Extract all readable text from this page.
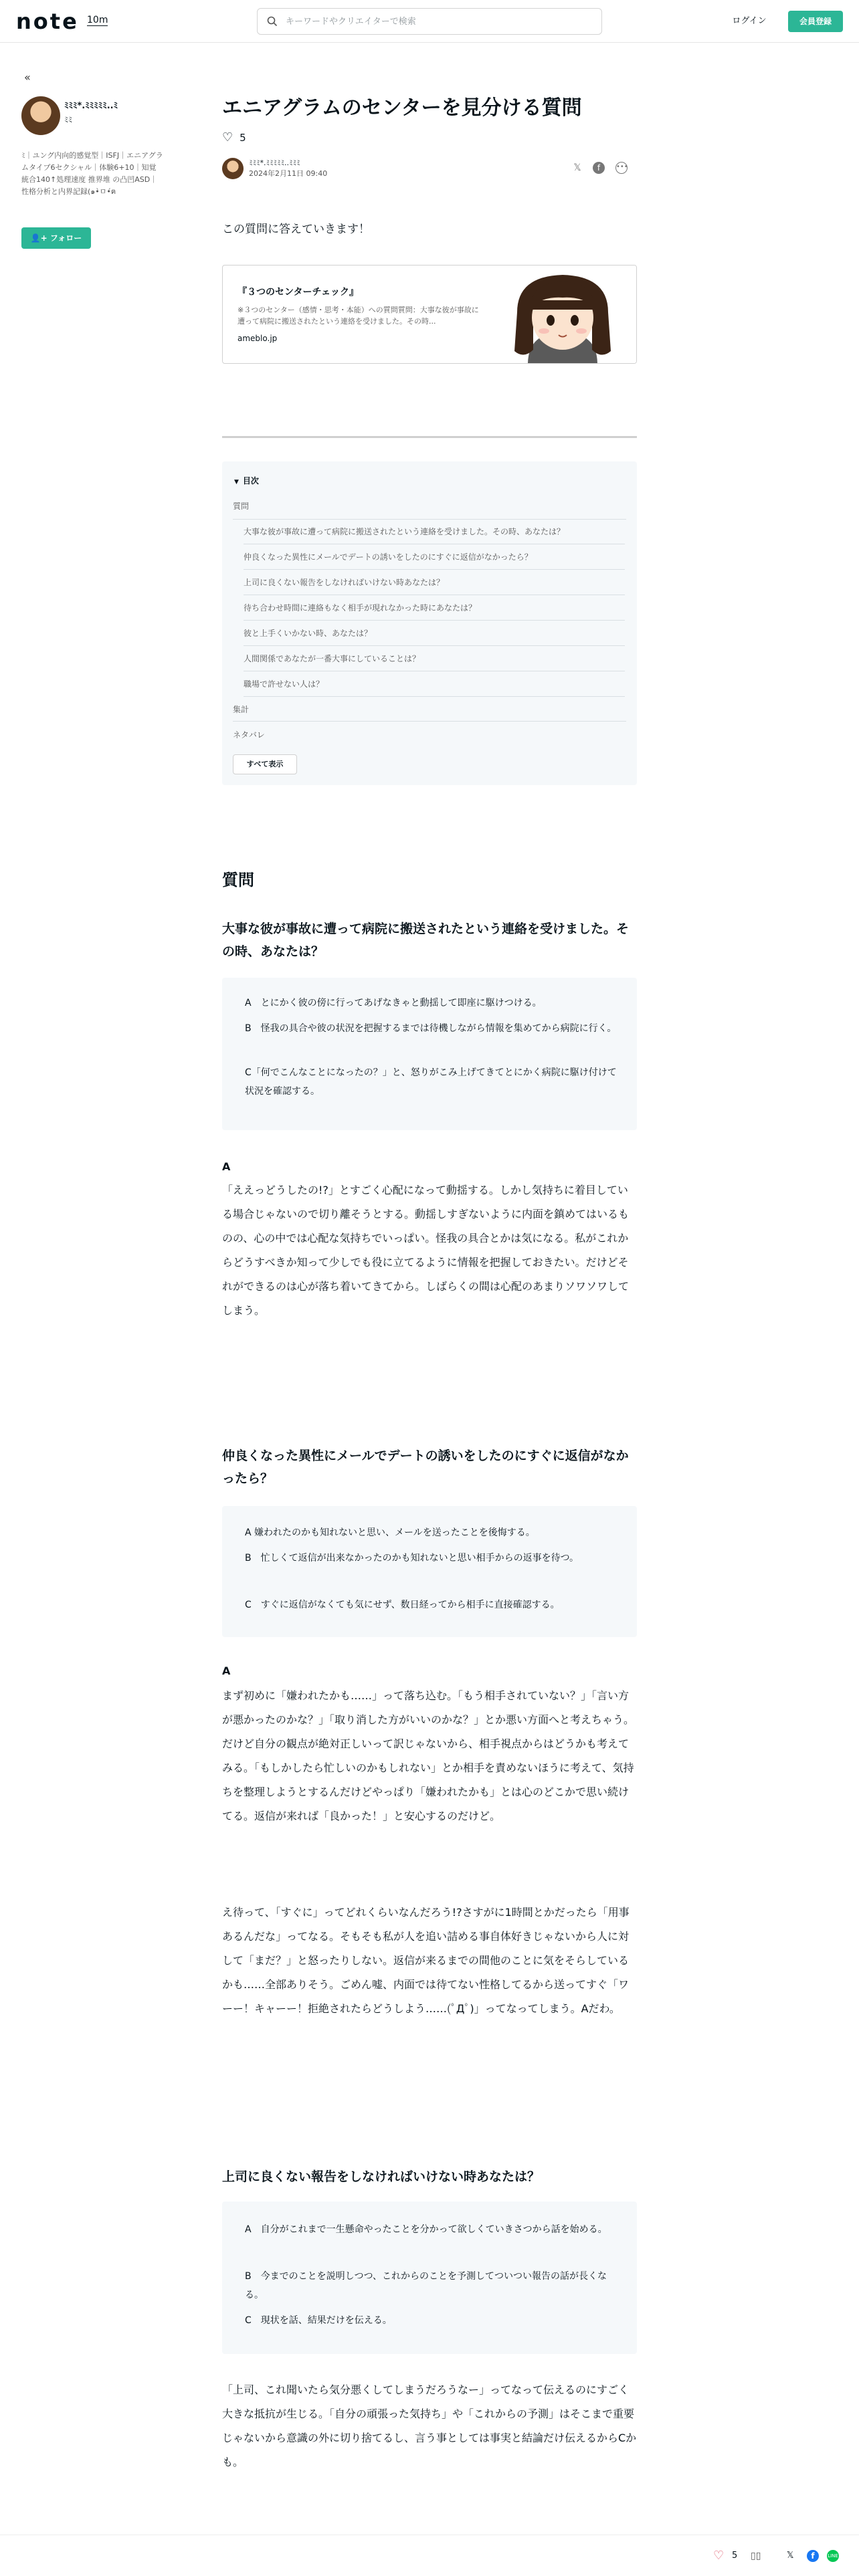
note 10m
キーワードやクリエイターで検索	ログイン	会員登録
«
ﾐﾐﾐ*.ﾐﾐﾐﾐﾐ..ﾐ
ﾐﾐ
ﾐ｜ユング内向的感覚型｜ISFJ｜エニアグラムタイプ6セクシャル｜体験6+10｜知覚統合140↑処理速度 推界堆 の凸凹ASD｜性格分析と内界記録(๑•̀ㅁ•́ฅ
👤+ フォロー
エニアグラムのセンターを見分ける質問
♡ 5
ﾐﾐﾐ*.ﾐﾐﾐﾐﾐ..ﾐﾐﾐ
2024年2月11日 09:40
𝕏	f	•••

この質問に答えていきます！

『３つのセンターチェック』
※３つのセンター（感情・思考・本能）への質問質問：大事な彼が事故に遭って病院に搬送されたという連絡を受けました。その時...
ameblo.jp
▼ 目次
質問
大事な彼が事故に遭って病院に搬送されたという連絡を受けました。その時、あなたは？
仲良くなった異性にメールでデートの誘いをしたのにすぐに返信がなかったら？
上司に良くない報告をしなければいけない時あなたは？
待ち合わせ時間に連絡もなく相手が現れなかった時にあなたは？
彼と上手くいかない時、あなたは？
人間関係であなたが一番大事にしていることは？
職場で許せない人は？
集計
ネタバレ
すべて表示
質問
大事な彼が事故に遭って病院に搬送されたという連絡を受けました。その時、あなたは？
A　とにかく彼の傍に行ってあげなきゃと動揺して即座に駆けつける。
B　怪我の具合や彼の状況を把握するまでは待機しながら情報を集めてから病院に行く。
C「何でこんなことになったの？」と、怒りがこみ上げてきてとにかく病院に駆け付けて状況を確認する。
A
「ええっどうしたの!?」とすごく心配になって動揺する。しかし気持ちに着目している場合じゃないので切り離そうとする。動揺しすぎないように内面を鎮めてはいるものの、心の中では心配な気持ちでいっぱい。怪我の具合とかは気になる。私がこれからどうすべきか知って少しでも役に立てるように情報を把握しておきたい。だけどそれができるのは心が落ち着いてきてから。しばらくの間は心配のあまりソワソワしてしまう。
仲良くなった異性にメールでデートの誘いをしたのにすぐに返信がなかったら？
A 嫌われたのかも知れないと思い、メールを送ったことを後悔する。
B　忙しくて返信が出来なかったのかも知れないと思い相手からの返事を待つ。
C　すぐに返信がなくても気にせず、数日経ってから相手に直接確認する。
A
まず初めに「嫌われたかも……」って落ち込む。「もう相手されていない？」「言い方が悪かったのかな？」「取り消した方がいいのかな？」とか悪い方面へと考えちゃう。だけど自分の観点が絶対正しいって訳じゃないから、相手視点からはどうかも考えてみる。「もしかしたら忙しいのかもしれない」とか相手を責めないほうに考えて、気持ちを整理しようとするんだけどやっぱり「嫌われたかも」とは心のどこかで思い続けてる。返信が来れば「良かった！」と安心するのだけど。
え待って、「すぐに」ってどれくらいなんだろう!?さすがに1時間とかだったら「用事あるんだな」ってなる。そもそも私が人を追い詰める事自体好きじゃないから人に対して「まだ？」と怒ったりしない。返信が来るまでの間他のことに気をそらしているかも……全部ありそう。ごめん嘘、内面では待てない性格してるから送ってすぐ「ワーー！キャーー！拒絶されたらどうしよう……(ﾟДﾟ)」ってなってしまう。Aだわ。
上司に良くない報告をしなければいけない時あなたは？
A　自分がこれまで一生懸命やったことを分かって欲しくていきさつから話を始める。
B　今までのことを説明しつつ、これからのことを予測してついつい報告の話が長くなる。
C　現状を話、結果だけを伝える。
「上司、これ聞いたら気分悪くしてしまうだろうなー」ってなって伝えるのにすごく大きな抵抗が生じる。「自分の頑張った気持ち」や「これからの予測」はそこまで重要じゃないから意識の外に切り捨てるし、言う事としては事実と結論だけ伝えるからCかも。
♡ 5 ▯▯	𝕏	f	LINE
